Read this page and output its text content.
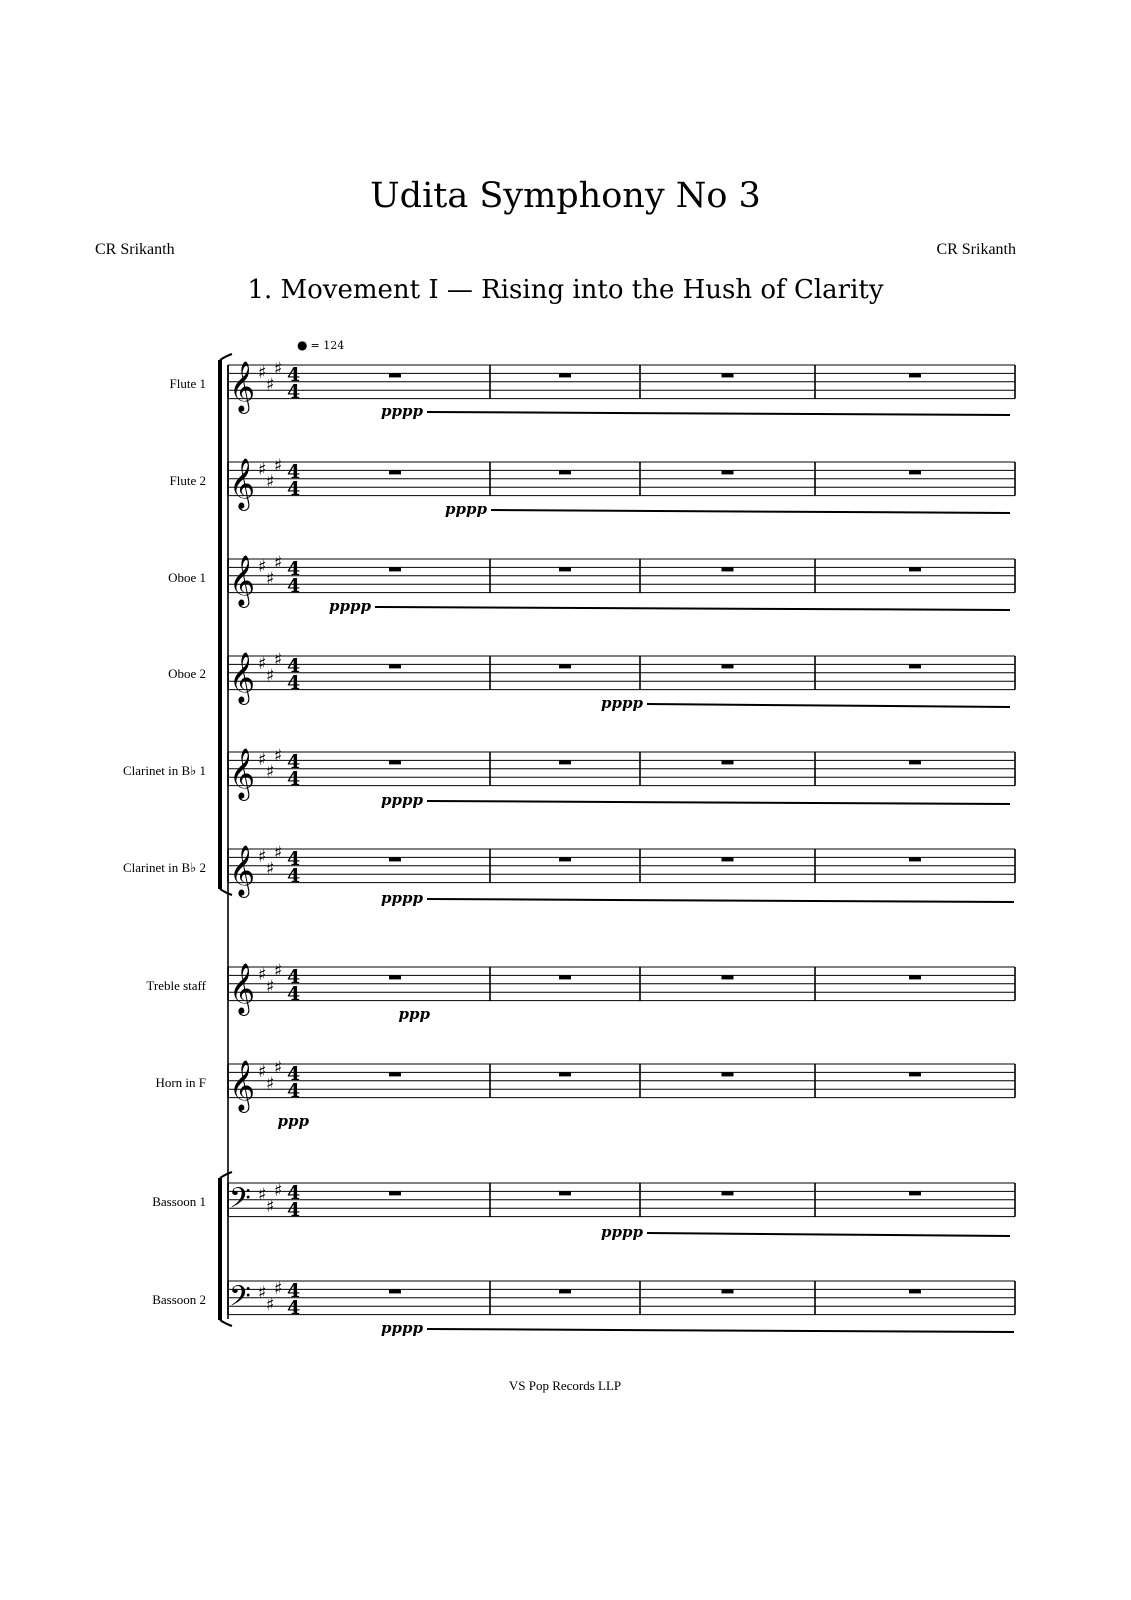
Udita Symphony No 3
CR Srikanth	CR Srikanth
1. Movement I — Rising into the Hush of Clarity
Flute 1
Flute 2
Oboe 1
Oboe 2
Clarinet in B♭ 1
Clarinet in B♭ 2
Treble staff
Horn in F
Bassoon 1
Bassoon 2
𝄞 ♯
♯
♯ 4
4
pppp
𝄞 ♯
♯
♯ 4
4
pppp
𝄞 ♯
♯
♯ 4
4
pppp
𝄞 ♯
♯
♯ 4
4
pppp
𝄞 ♯
♯
♯ 4
4
pppp
𝄞 ♯
♯
♯ 4
4
pppp
𝄞 ♯
♯
♯ 4
4
ppp
𝄞 ♯
♯
♯ 4
4
ppp
𝄢 ♯
♯
♯ 4
4
pppp
𝄢 ♯
♯
♯ 4
4
pppp
● = 124
VS Pop Records LLP
